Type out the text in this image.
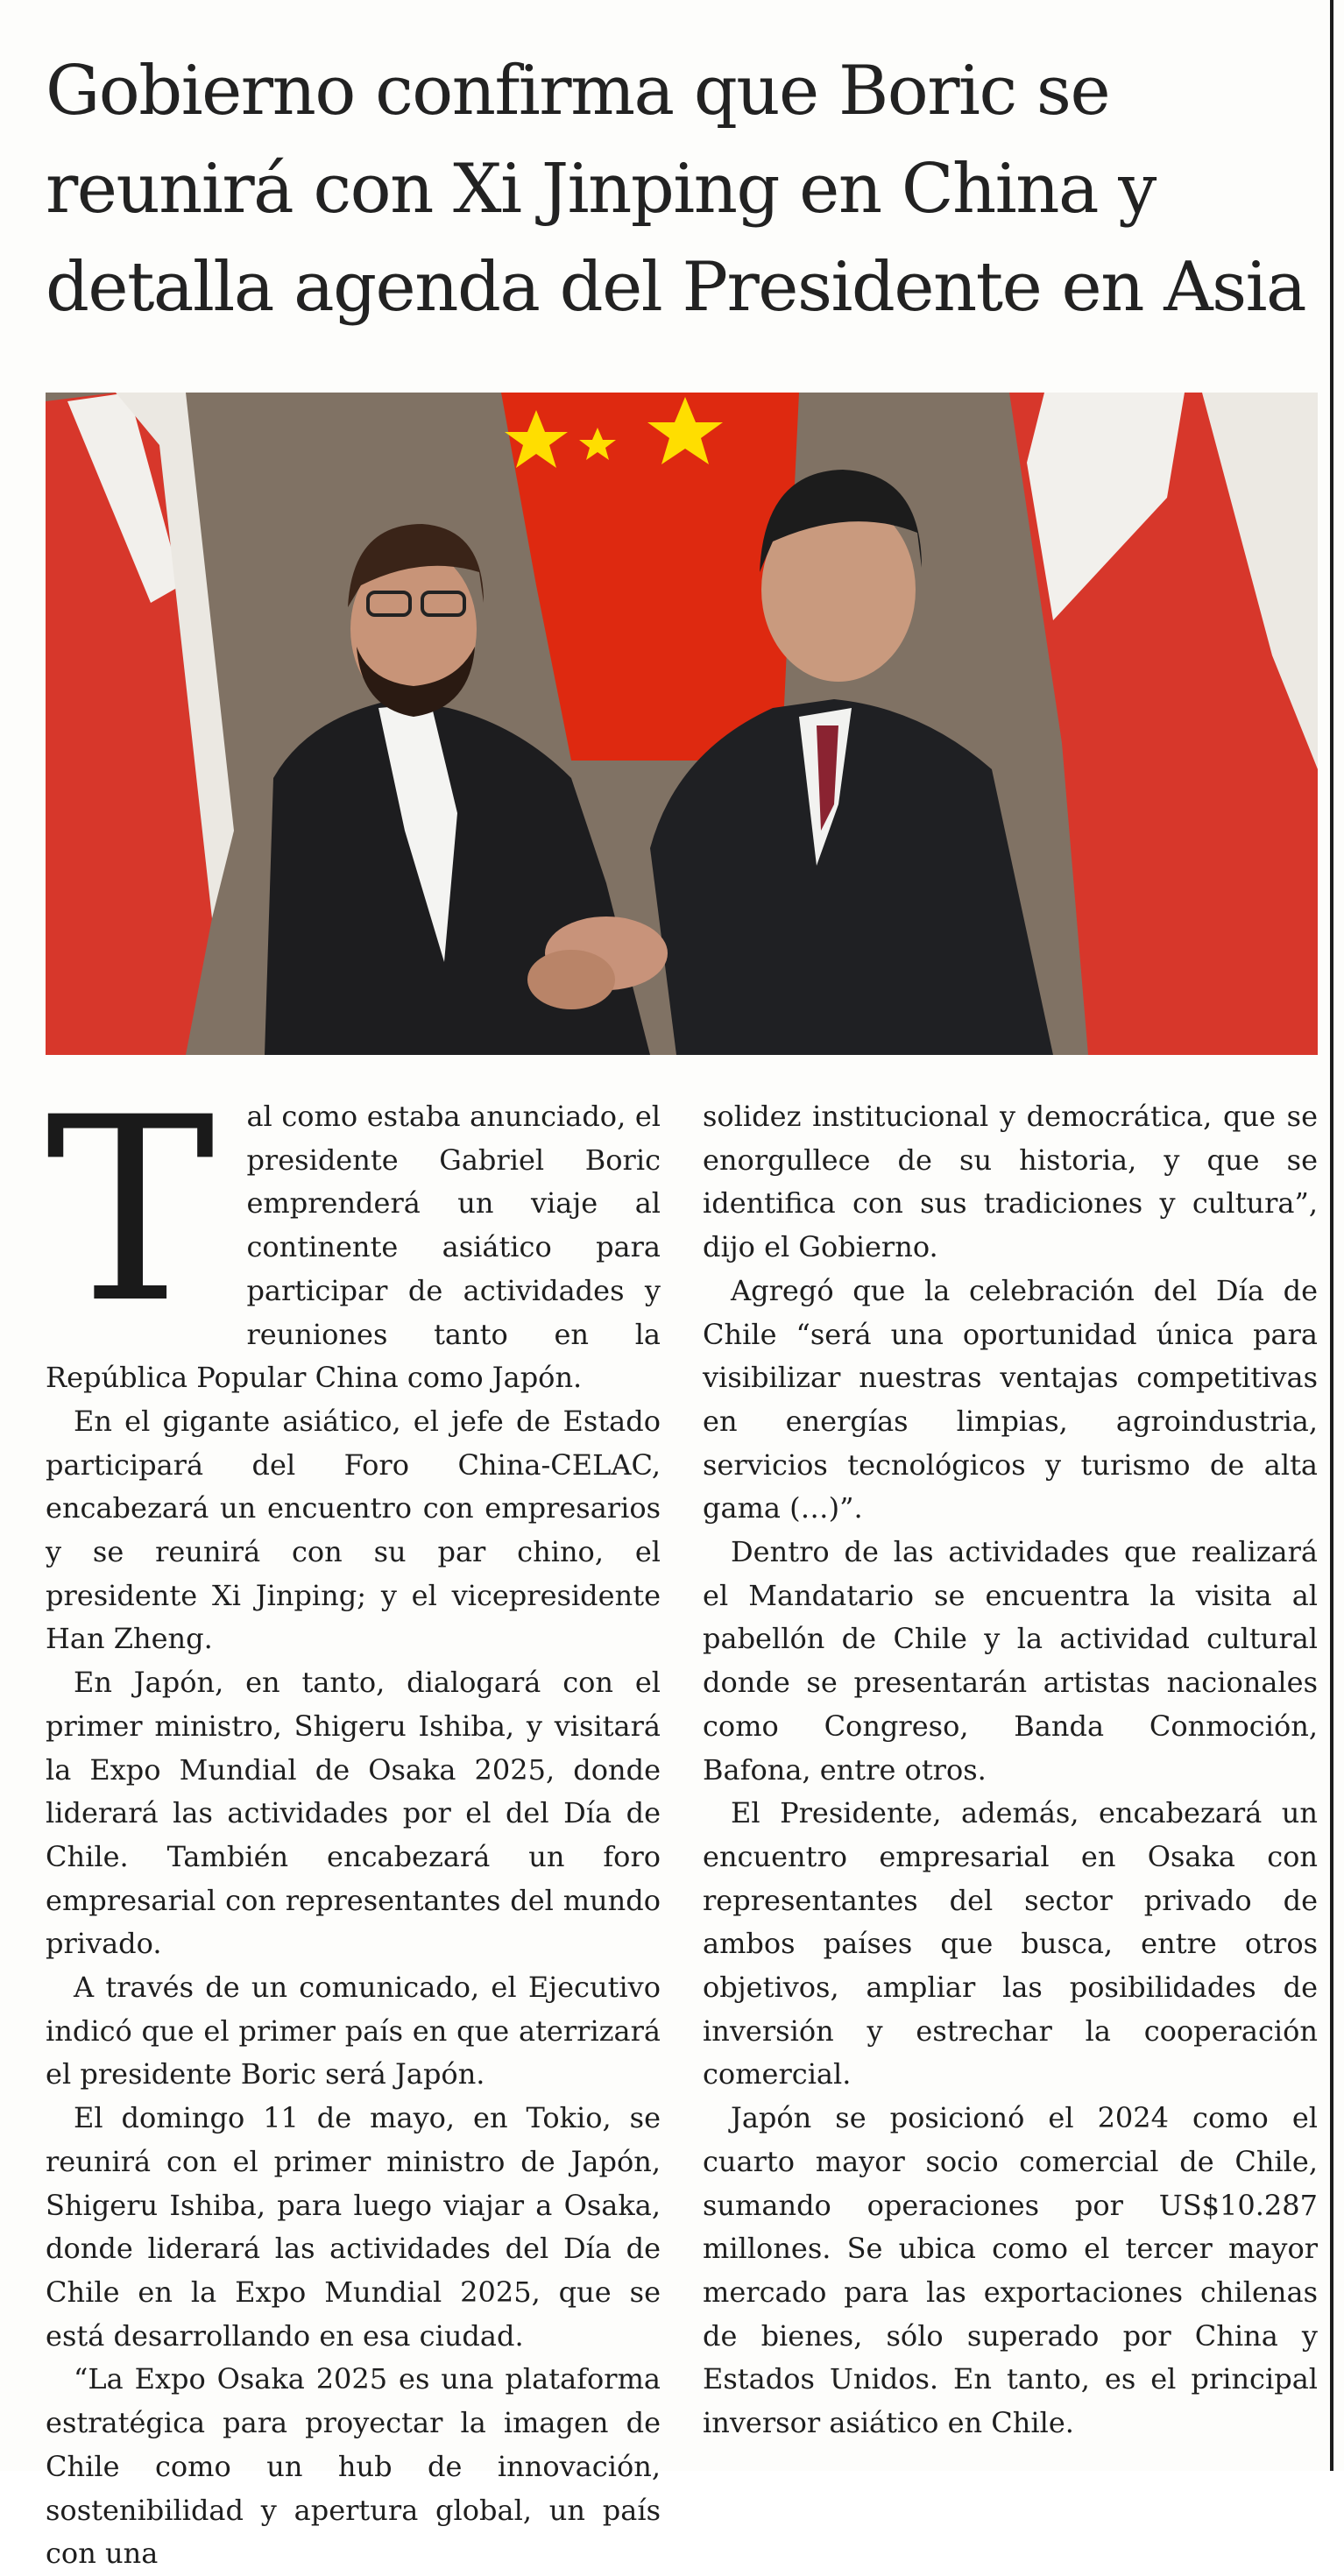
Gobierno confirma que Boric se reunirá con Xi Jinping en China y detalla agenda del Presidente en Asia
T	al como estaba anunciado, el presidente Gabriel Boric emprenderá un viaje al continente asiático para participar de actividades y reuniones tanto en la República Popular China como Japón.

En el gigante asiático, el jefe de Estado participará del Foro China-CELAC, encabezará un encuentro con empresarios y se reunirá con su par chino, el presidente Xi Jinping; y el vicepresidente Han Zheng.

En Japón, en tanto, dialogará con el primer ministro, Shigeru Ishiba, y visitará la Expo Mundial de Osaka 2025, donde liderará las actividades por el del Día de Chile. También encabezará un foro empresarial con representantes del mundo privado.

A través de un comunicado, el Ejecutivo indicó que el primer país en que aterrizará el presidente Boric será Japón.

El domingo 11 de mayo, en Tokio, se reunirá con el primer ministro de Japón, Shigeru Ishiba, para luego viajar a Osaka, donde liderará las actividades del Día de Chile en la Expo Mundial 2025, que se está desarrollando en esa ciudad.

“La Expo Osaka 2025 es una plataforma estratégica para proyectar la imagen de Chile como un hub de innovación, sostenibilidad y apertura global, un país con una

solidez institucional y democrática, que se enorgullece de su historia, y que se identifica con sus tradiciones y cultura”, dijo el Gobierno.

Agregó que la celebración del Día de Chile “será una oportunidad única para visibilizar nuestras ventajas competitivas en energías limpias, agroindustria, servicios tecnológicos y turismo de alta gama (…)”.

Dentro de las actividades que realizará el Mandatario se encuentra la visita al pabellón de Chile y la actividad cultural donde se presentarán artistas nacionales como Congreso, Banda Conmoción, Bafona, entre otros.

El Presidente, además, encabezará un encuentro empresarial en Osaka con representantes del sector privado de ambos países que busca, entre otros objetivos, ampliar las posibilidades de inversión y estrechar la cooperación comercial.

Japón se posicionó el 2024 como el cuarto mayor socio comercial de Chile, sumando operaciones por US$10.287 millones. Se ubica como el tercer mayor mercado para las exportaciones chilenas de bienes, sólo superado por China y Estados Unidos. En tanto, es el principal inversor asiático en Chile.
